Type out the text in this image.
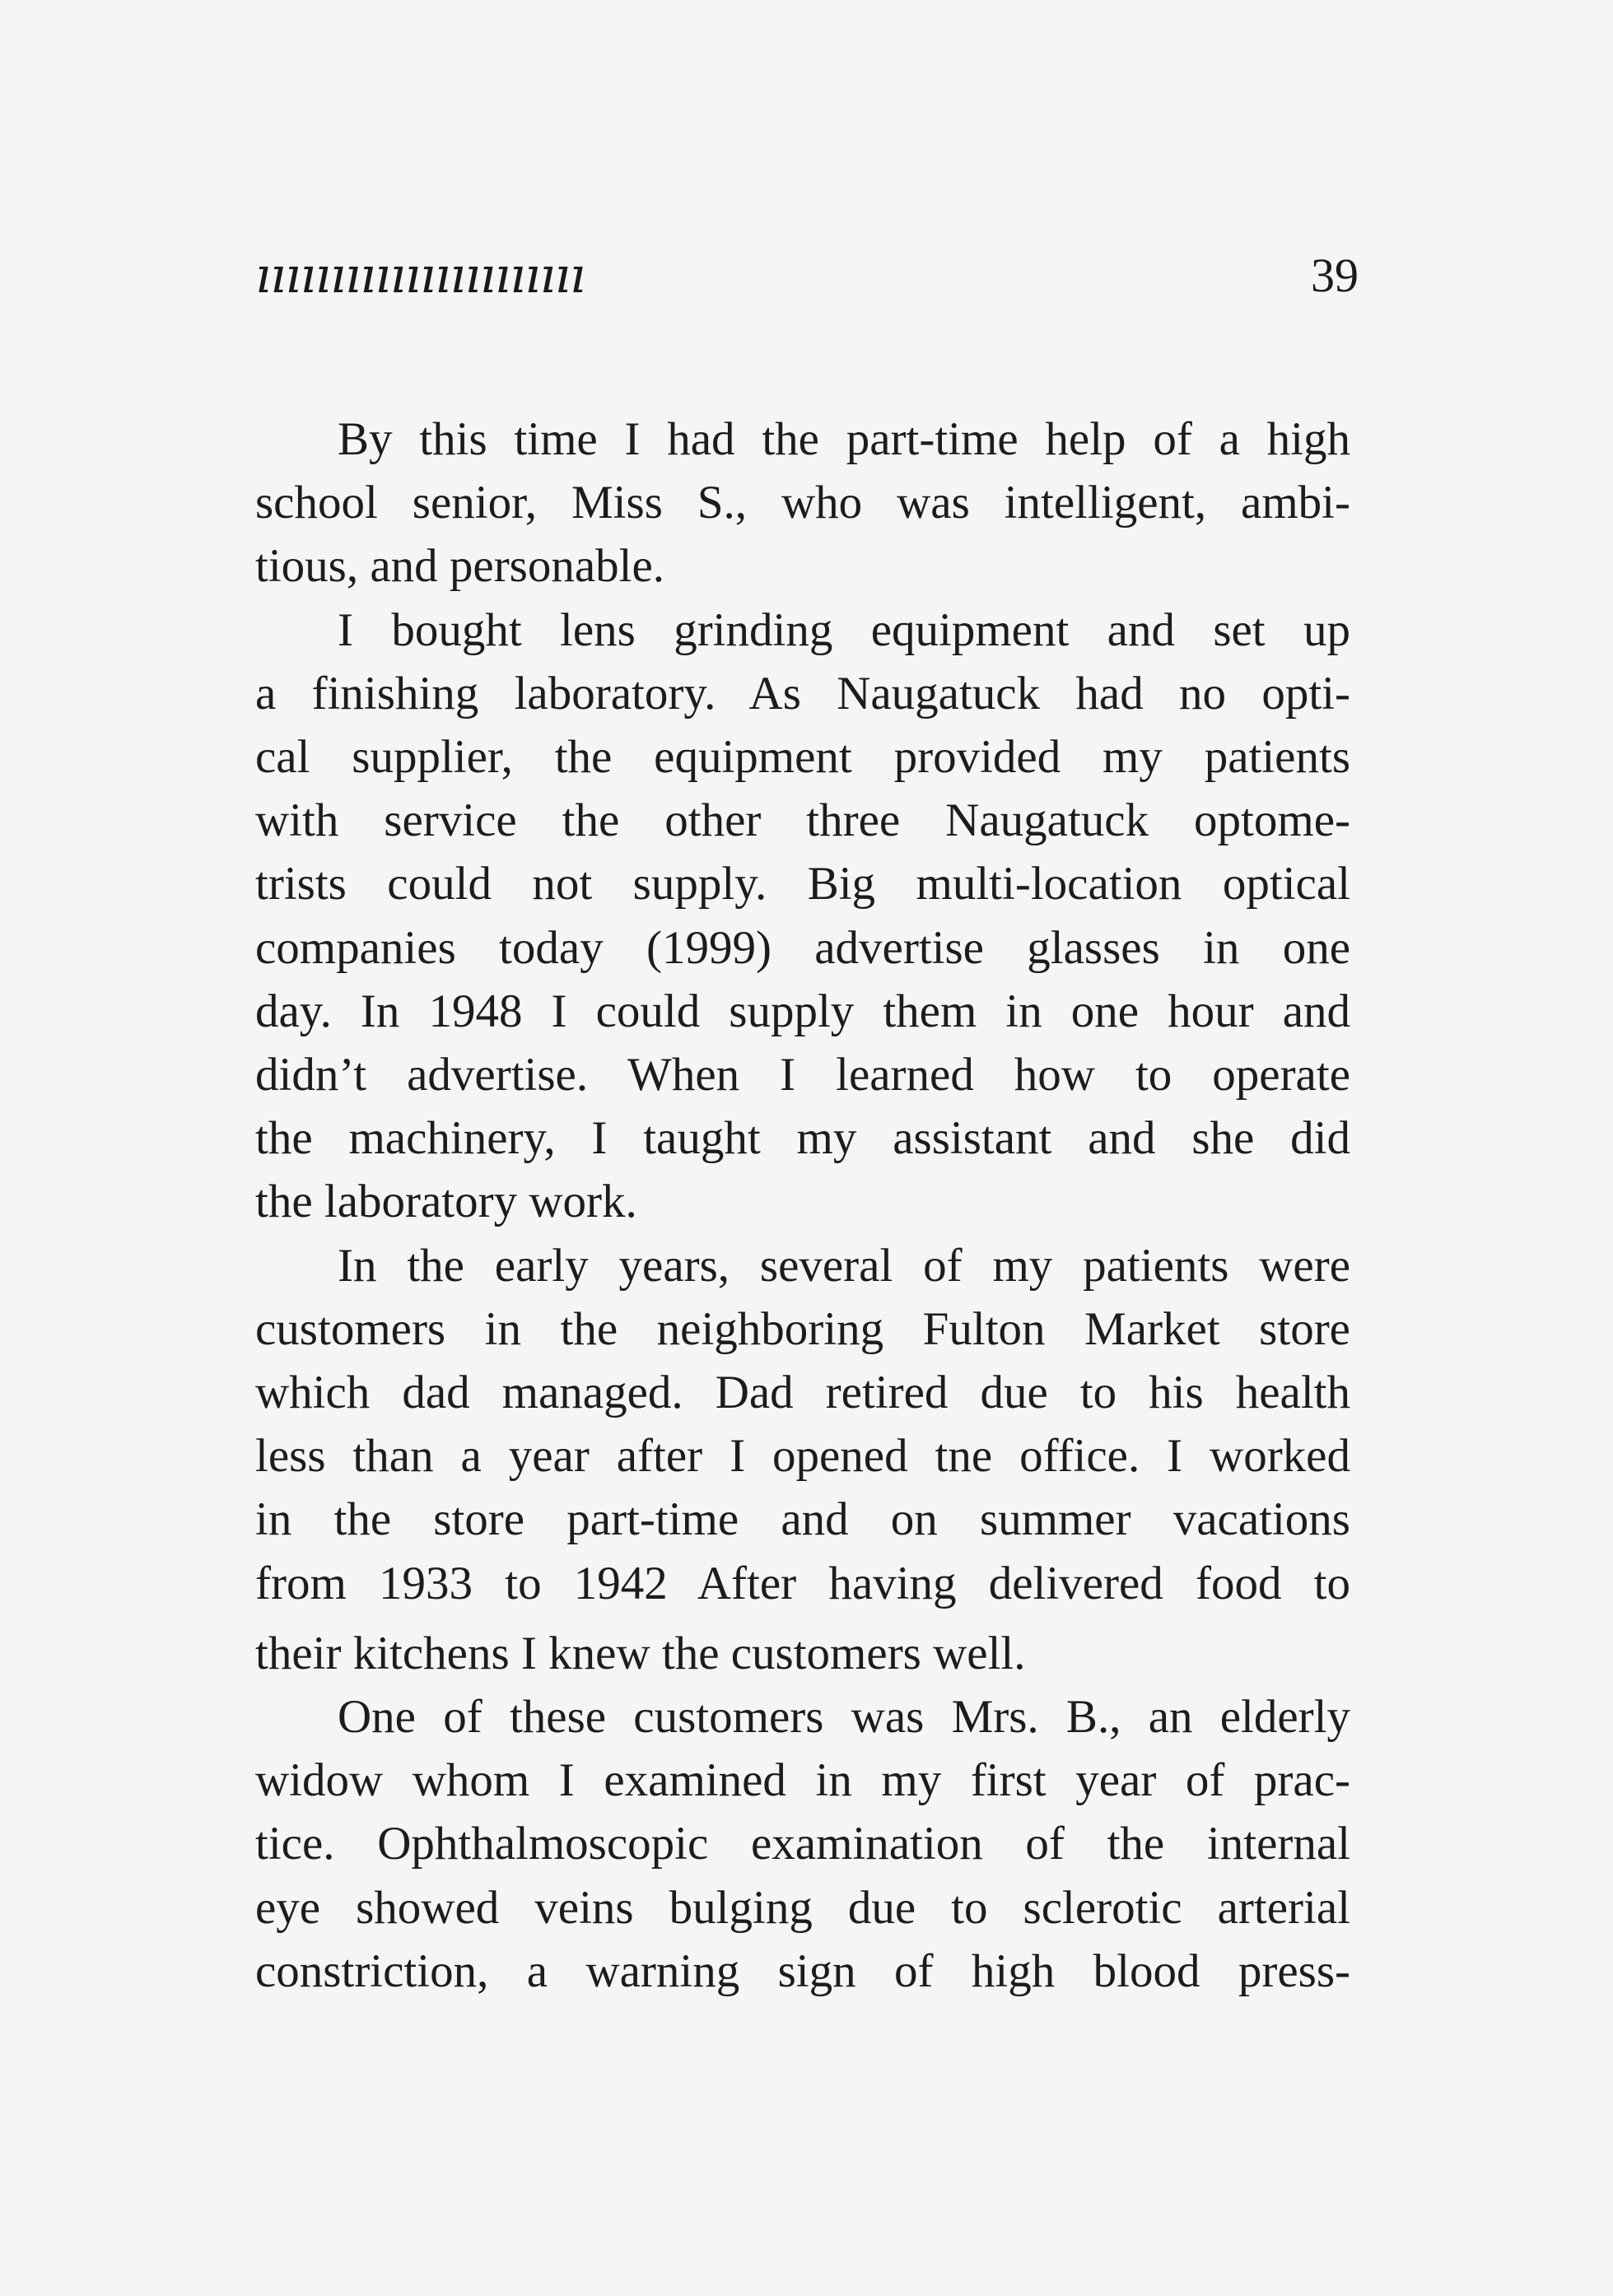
ıııııııııııııııııııııı	39
By this time I had the part-time help of a high
school senior, Miss S., who was intelligent, ambi-
tious, and personable.
I bought lens grinding equipment and set up
a finishing laboratory. As Naugatuck had no opti-
cal supplier, the equipment provided my patients
with service the other three Naugatuck optome-
trists could not supply. Big multi-location optical
companies today (1999) advertise glasses in one
day. In 1948 I could supply them in one hour and
didn’t advertise. When I learned how to operate
the machinery, I taught my assistant and she did
the laboratory work.
In the early years, several of my patients were
customers in the neighboring Fulton Market store
which dad managed. Dad retired due to his health
less than a year after I opened tne office. I worked
in the store part-time and on summer vacations
from 1933 to 1942 After having delivered food to
their kitchens I knew the customers well.
One of these customers was Mrs. B., an elderly
widow whom I examined in my first year of prac-
tice. Ophthalmoscopic examination of the internal
eye showed veins bulging due to sclerotic arterial
constriction, a warning sign of high blood press-
